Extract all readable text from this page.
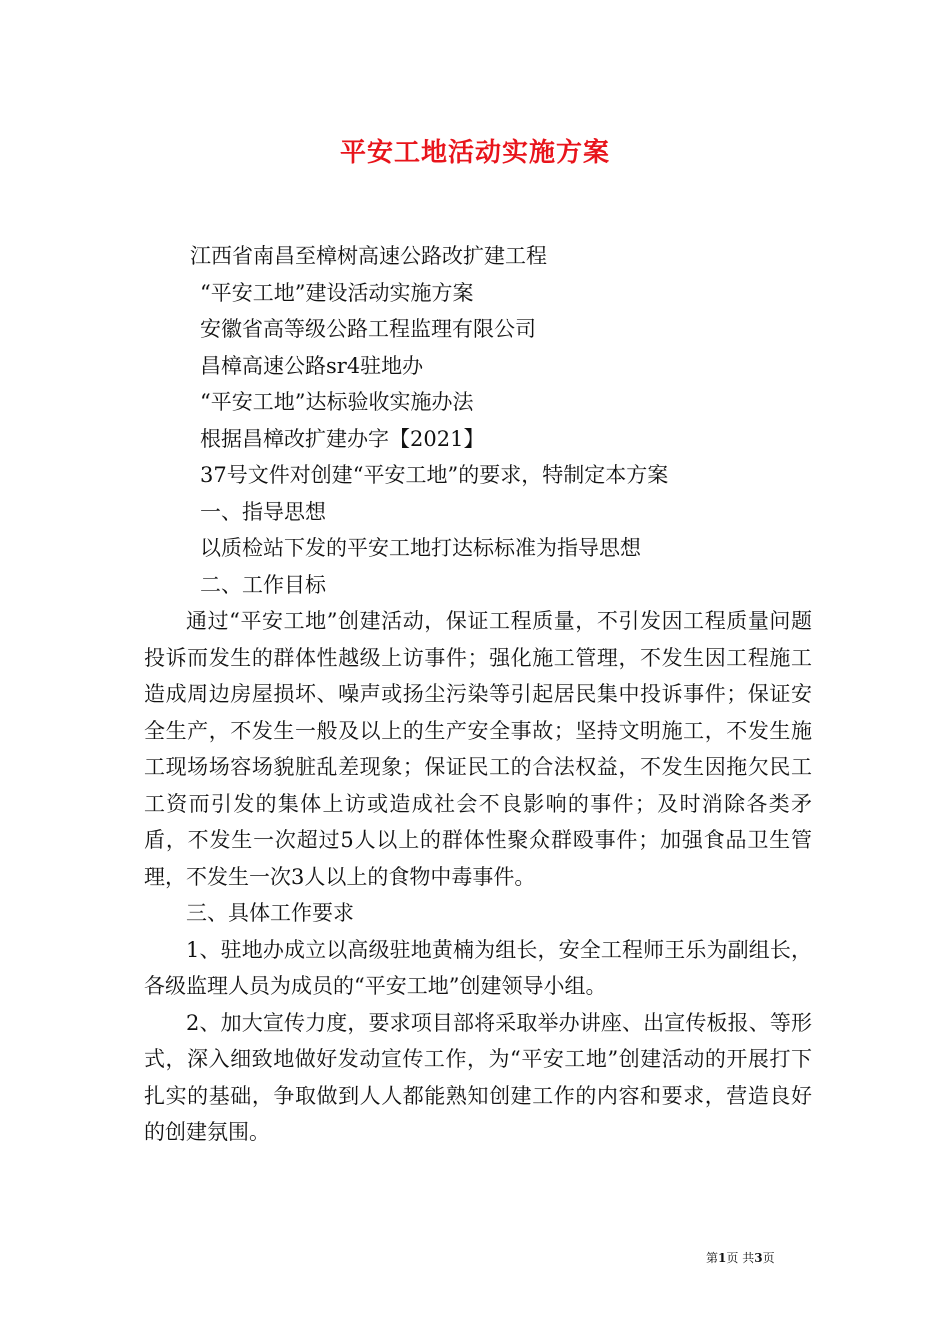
平安工地活动实施方案
江西省南昌至樟树高速公路改扩建工程
“平安工地”建设活动实施方案
安徽省高等级公路工程监理有限公司
昌樟高速公路sr4驻地办
“平安工地”达标验收实施办法
根据昌樟改扩建办字【2021】
37号文件对创建“平安工地”的要求，特制定本方案
一、指导思想
以质检站下发的平安工地打达标标准为指导思想
二、工作目标

通过“平安工地”创建活动，保证工程质量，不引发因工程质量问题投诉而发生的群体性越级上访事件；强化施工管理，不发生因工程施工造成周边房屋损坏、噪声或扬尘污染等引起居民集中投诉事件；保证安全生产，不发生一般及以上的生产安全事故；坚持文明施工，不发生施工现场场容场貌脏乱差现象；保证民工的合法权益，不发生因拖欠民工工资而引发的集体上访或造成社会不良影响的事件；及时消除各类矛盾，不发生一次超过5人以上的群体性聚众群殴事件；加强食品卫生管理，不发生一次3人以上的食物中毒事件。

三、具体工作要求

1、驻地办成立以高级驻地黄楠为组长，安全工程师王乐为副组长，各级监理人员为成员的“平安工地”创建领导小组。

2、加大宣传力度，要求项目部将采取举办讲座、出宣传板报、等形式，深入细致地做好发动宣传工作，为“平安工地”创建活动的开展打下扎实的基础，争取做到人人都能熟知创建工作的内容和要求，营造良好的创建氛围。

第1页 共3页
